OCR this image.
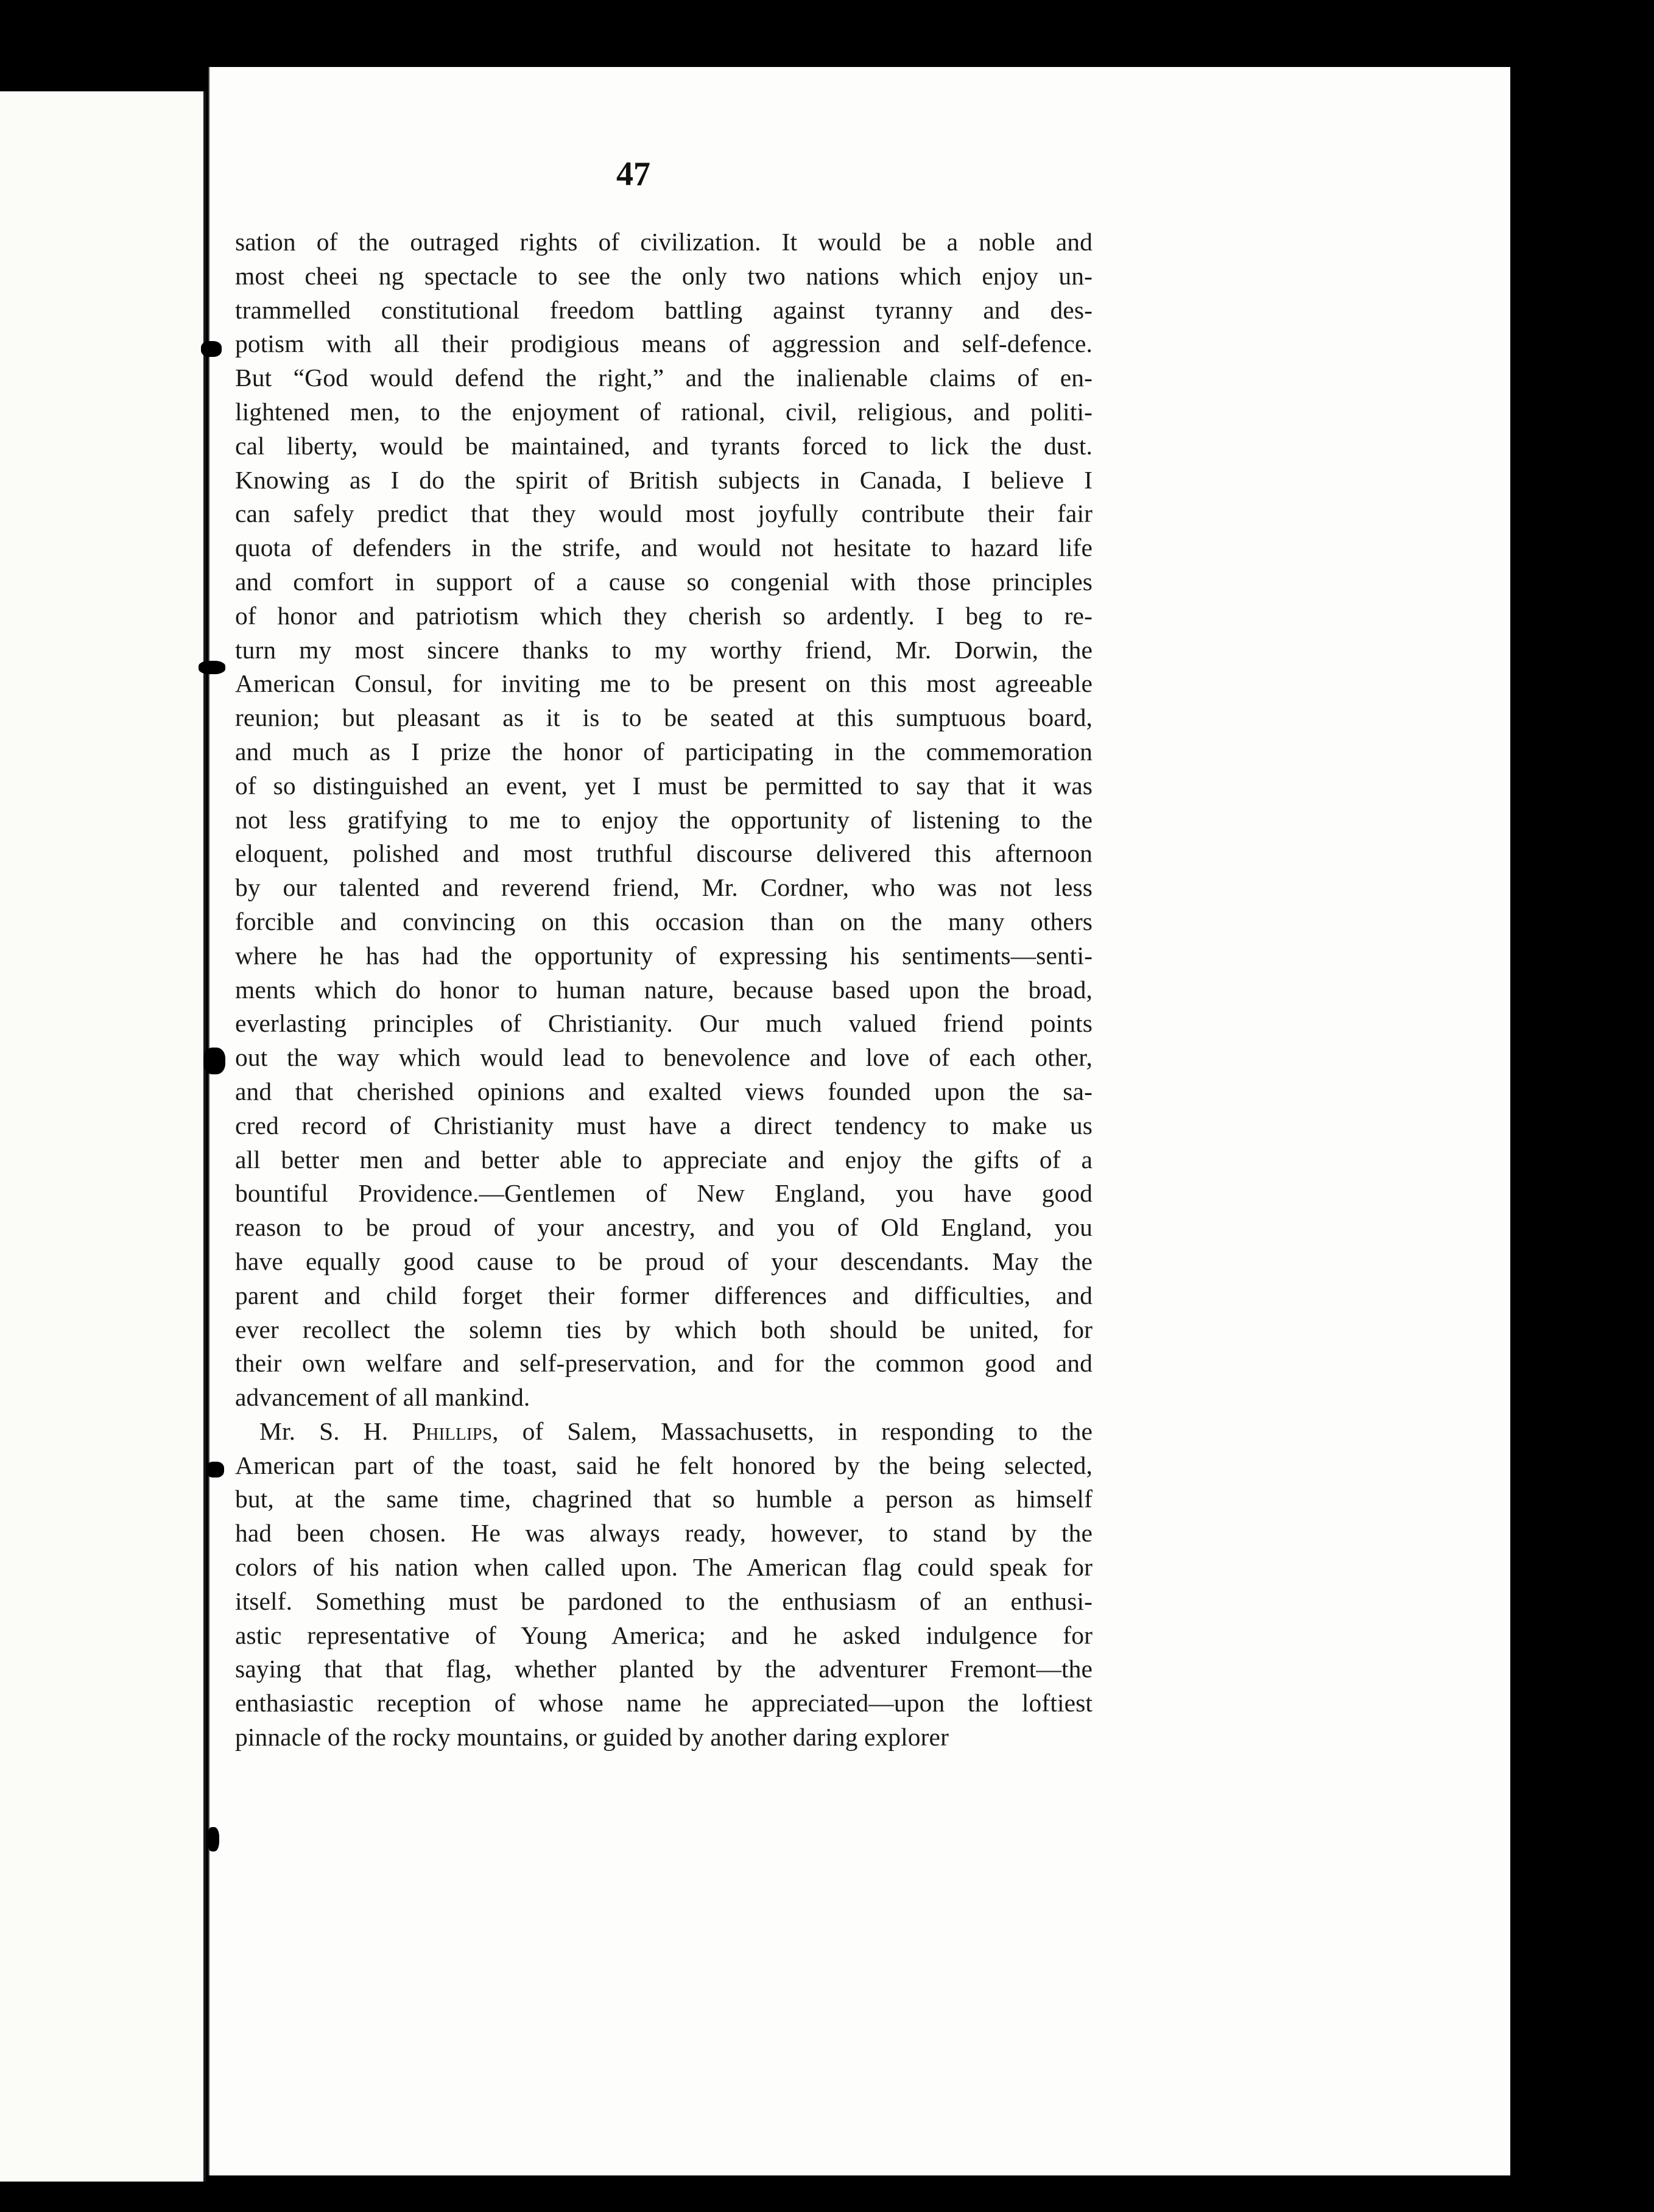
47
sation of the outraged rights of civilization. It would be a noble and
most cheei ng spectacle to see the only two nations which enjoy un-
trammelled constitutional freedom battling against tyranny and des-
potism with all their prodigious means of aggression and self-defence.
But “God would defend the right,” and the inalienable claims of en-
lightened men, to the enjoyment of rational, civil, religious, and politi-
cal liberty, would be maintained, and tyrants forced to lick the dust.
Knowing as I do the spirit of British subjects in Canada, I believe I
can safely predict that they would most joyfully contribute their fair
quota of defenders in the strife, and would not hesitate to hazard life
and comfort in support of a cause so congenial with those principles
of honor and patriotism which they cherish so ardently. I beg to re-
turn my most sincere thanks to my worthy friend, Mr. Dorwin, the
American Consul, for inviting me to be present on this most agreeable
reunion; but pleasant as it is to be seated at this sumptuous board,
and much as I prize the honor of participating in the commemoration
of so distinguished an event, yet I must be permitted to say that it was
not less gratifying to me to enjoy the opportunity of listening to the
eloquent, polished and most truthful discourse delivered this afternoon
by our talented and reverend friend, Mr. Cordner, who was not less
forcible and convincing on this occasion than on the many others
where he has had the opportunity of expressing his sentiments—senti-
ments which do honor to human nature, because based upon the broad,
everlasting principles of Christianity. Our much valued friend points
out the way which would lead to benevolence and love of each other,
and that cherished opinions and exalted views founded upon the sa-
cred record of Christianity must have a direct tendency to make us
all better men and better able to appreciate and enjoy the gifts of a
bountiful Providence.—Gentlemen of New England, you have good
reason to be proud of your ancestry, and you of Old England, you
have equally good cause to be proud of your descendants. May the
parent and child forget their former differences and difficulties, and
ever recollect the solemn ties by which both should be united, for
their own welfare and self-preservation, and for the common good and
advancement of all mankind.
Mr. S. H. Phillips, of Salem, Massachusetts, in responding to the
American part of the toast, said he felt honored by the being selected,
but, at the same time, chagrined that so humble a person as himself
had been chosen. He was always ready, however, to stand by the
colors of his nation when called upon. The American flag could speak for
itself. Something must be pardoned to the enthusiasm of an enthusi-
astic representative of Young America; and he asked indulgence for
saying that that flag, whether planted by the adventurer Fremont—the
enthasiastic reception of whose name he appreciated—upon the loftiest
pinnacle of the rocky mountains, or guided by another daring explorer
